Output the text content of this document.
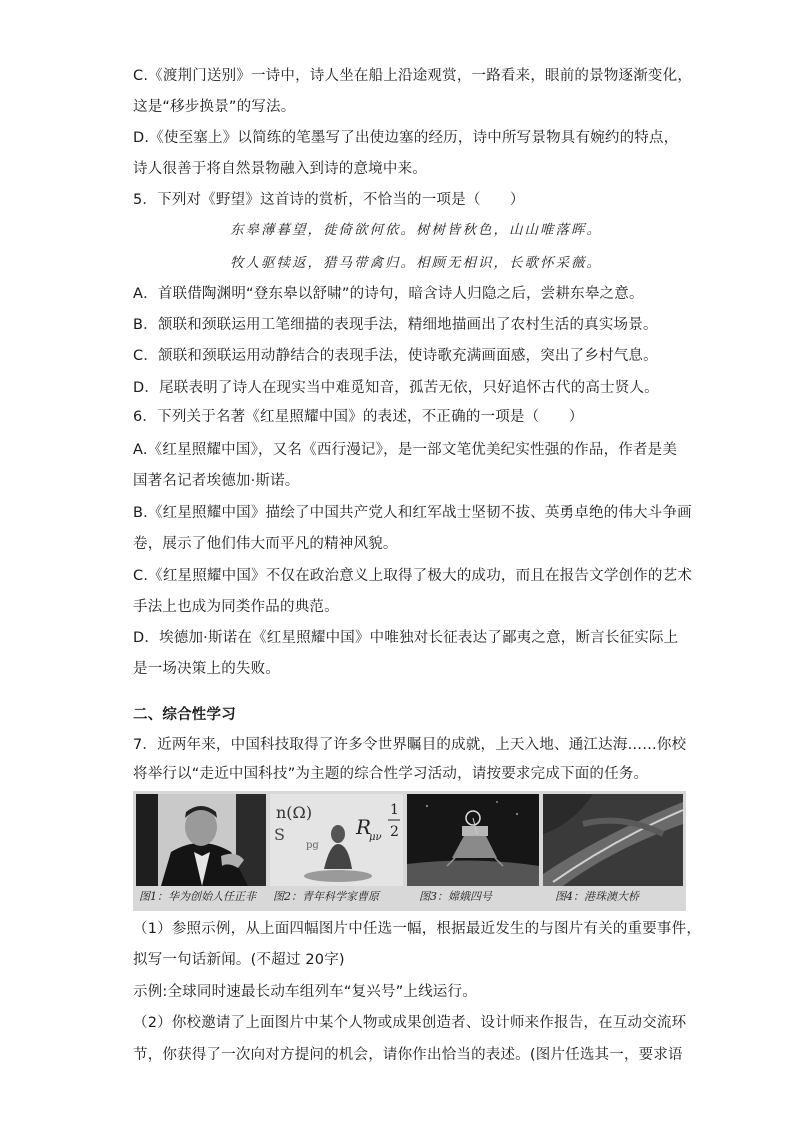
C.《渡荆门送别》一诗中，诗人坐在船上沿途观赏，一路看来，眼前的景物逐渐变化，
这是“移步换景”的写法。
D.《使至塞上》以简练的笔墨写了出使边塞的经历，诗中所写景物具有婉约的特点，
诗人很善于将自然景物融入到诗的意境中来。
5．下列对《野望》这首诗的赏析，不恰当的一项是（　　）
东皋薄暮望，徙倚欲何依。树树皆秋色，山山唯落晖。
牧人驱犊返，猎马带禽归。相顾无相识，长歌怀采薇。
A．首联借陶渊明“登东皋以舒啸”的诗句，暗含诗人归隐之后，尝耕东皋之意。
B．颔联和颈联运用工笔细描的表现手法，精细地描画出了农村生活的真实场景。
C．颔联和颈联运用动静结合的表现手法，使诗歌充满画面感，突出了乡村气息。
D．尾联表明了诗人在现实当中难觅知音，孤苦无依，只好追怀古代的高士贤人。
6．下列关于名著《红星照耀中国》的表述，不正确的一项是（　　）
A.《红星照耀中国》，又名《西行漫记》，是一部文笔优美纪实性强的作品，作者是美
国著名记者埃德加·斯诺。
B.《红星照耀中国》描绘了中国共产党人和红军战士坚韧不拔、英勇卓绝的伟大斗争画
卷，展示了他们伟大而平凡的精神风貌。
C.《红星照耀中国》不仅在政治意义上取得了极大的成功，而且在报告文学创作的艺术
手法上也成为同类作品的典范。
D．埃德加·斯诺在《红星照耀中国》中唯独对长征表达了鄙夷之意，断言长征实际上
是一场决策上的失败。
二、综合性学习
7．近两年来，中国科技取得了许多令世界瞩目的成就，上天入地、通江达海……你校
将举行以“走近中国科技”为主题的综合性学习活动，请按要求完成下面的任务。
n(Ω)
S
pg
R
μν
1
2
图1：华为创始人任正非 图2：青年科学家曹原	图3：嫦娥四号	图4：港珠澳大桥
（1）参照示例，从上面四幅图片中任选一幅，根据最近发生的与图片有关的重要事件，
拟写一句话新闻。(不超过 20字)
示例:全球同时速最长动车组列车“复兴号”上线运行。
（2）你校邀请了上面图片中某个人物或成果创造者、设计师来作报告，在互动交流环
节，你获得了一次向对方提问的机会，请你作出恰当的表述。(图片任选其一，要求语
